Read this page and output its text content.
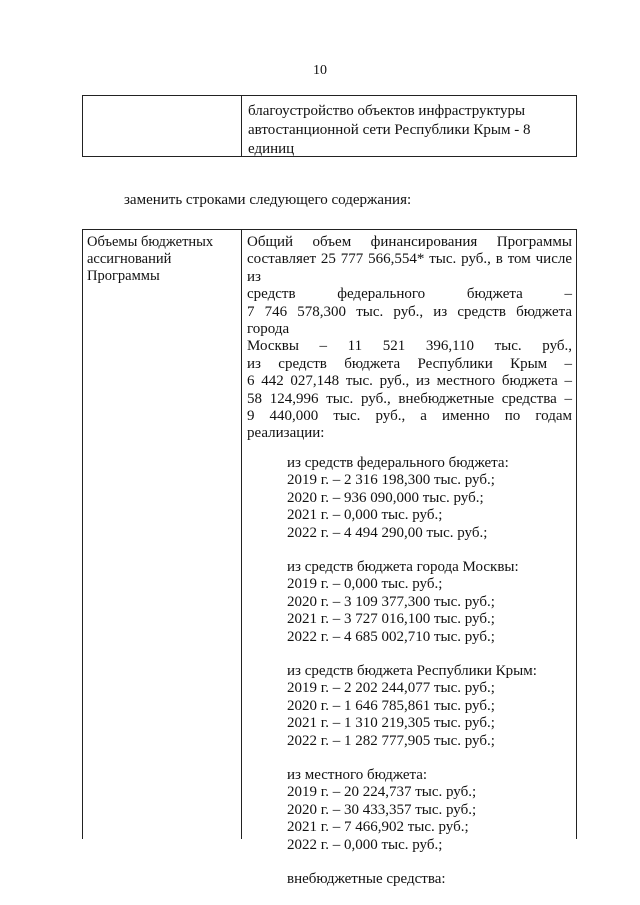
10
благоустройство объектов инфраструктуры автостанционной сети Республики Крым - 8 единиц
заменить строками следующего содержания:
Объемы бюджетных ассигнований Программы
Общий объем финансирования Программы
составляет 25 777 566,554* тыс. руб., в том числе из
средств федерального бюджета –
7 746 578,300 тыс. руб., из средств бюджета города
Москвы – 11 521 396,110 тыс. руб.,
из средств бюджета Республики Крым –
6 442 027,148 тыс. руб., из местного бюджета –
58 124,996 тыс. руб., внебюджетные средства –
9 440,000 тыс. руб., а именно по годам реализации:
из средств федерального бюджета:
2019 г. – 2 316 198,300 тыс. руб.;
2020 г. – 936 090,000 тыс. руб.;
2021 г. – 0,000 тыс. руб.;
2022 г. – 4 494 290,00 тыс. руб.;
из средств бюджета города Москвы:
2019 г. – 0,000 тыс. руб.;
2020 г. – 3 109 377,300 тыс. руб.;
2021 г. – 3 727 016,100 тыс. руб.;
2022 г. – 4 685 002,710 тыс. руб.;
из средств бюджета Республики Крым:
2019 г. – 2 202 244,077 тыс. руб.;
2020 г. – 1 646 785,861 тыс. руб.;
2021 г. – 1 310 219,305 тыс. руб.;
2022 г. – 1 282 777,905 тыс. руб.;
из местного бюджета:
2019 г. – 20 224,737 тыс. руб.;
2020 г. – 30 433,357 тыс. руб.;
2021 г. – 7 466,902 тыс. руб.;
2022 г. – 0,000 тыс. руб.;
внебюджетные средства:
